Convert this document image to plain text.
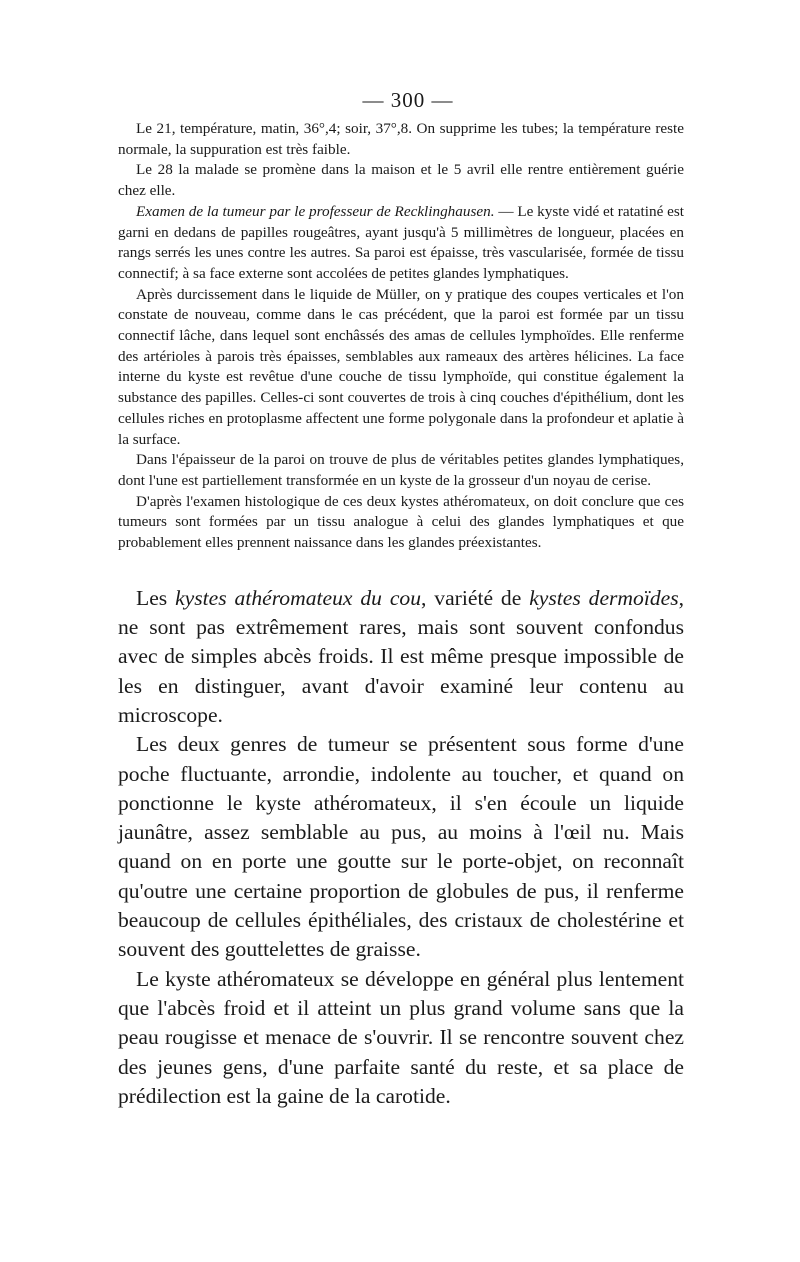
— 300 —

Le 21, température, matin, 36°,4; soir, 37°,8. On supprime les tubes; la température reste normale, la suppuration est très faible.

Le 28 la malade se promène dans la maison et le 5 avril elle rentre entièrement guérie chez elle.

Examen de la tumeur par le professeur de Recklinghausen. — Le kyste vidé et ratatiné est garni en dedans de papilles rougeâtres, ayant jusqu'à 5 millimètres de longueur, placées en rangs serrés les unes contre les autres. Sa paroi est épaisse, très vascularisée, formée de tissu connectif; à sa face externe sont accolées de petites glandes lymphatiques.

Après durcissement dans le liquide de Müller, on y pratique des coupes verticales et l'on constate de nouveau, comme dans le cas précédent, que la paroi est formée par un tissu connectif lâche, dans lequel sont enchâssés des amas de cellules lymphoïdes. Elle renferme des artérioles à parois très épaisses, semblables aux rameaux des artères hélicines. La face interne du kyste est revêtue d'une couche de tissu lymphoïde, qui constitue également la substance des papilles. Celles-ci sont couvertes de trois à cinq couches d'épithélium, dont les cellules riches en protoplasme affectent une forme polygonale dans la profondeur et aplatie à la surface.

Dans l'épaisseur de la paroi on trouve de plus de véritables petites glandes lymphatiques, dont l'une est partiellement transformée en un kyste de la grosseur d'un noyau de cerise.

D'après l'examen histologique de ces deux kystes athéromateux, on doit conclure que ces tumeurs sont formées par un tissu analogue à celui des glandes lymphatiques et que probablement elles prennent naissance dans les glandes préexistantes.

Les kystes athéromateux du cou, variété de kystes dermoïdes, ne sont pas extrêmement rares, mais sont souvent confondus avec de simples abcès froids. Il est même presque impossible de les en distinguer, avant d'avoir examiné leur contenu au microscope.

Les deux genres de tumeur se présentent sous forme d'une poche fluctuante, arrondie, indolente au toucher, et quand on ponctionne le kyste athéromateux, il s'en écoule un liquide jaunâtre, assez semblable au pus, au moins à l'œil nu. Mais quand on en porte une goutte sur le porte-objet, on reconnaît qu'outre une certaine proportion de globules de pus, il renferme beaucoup de cellules épithéliales, des cristaux de cholestérine et souvent des gouttelettes de graisse.

Le kyste athéromateux se développe en général plus lentement que l'abcès froid et il atteint un plus grand volume sans que la peau rougisse et menace de s'ouvrir. Il se rencontre souvent chez des jeunes gens, d'une parfaite santé du reste, et sa place de prédilection est la gaine de la carotide.
